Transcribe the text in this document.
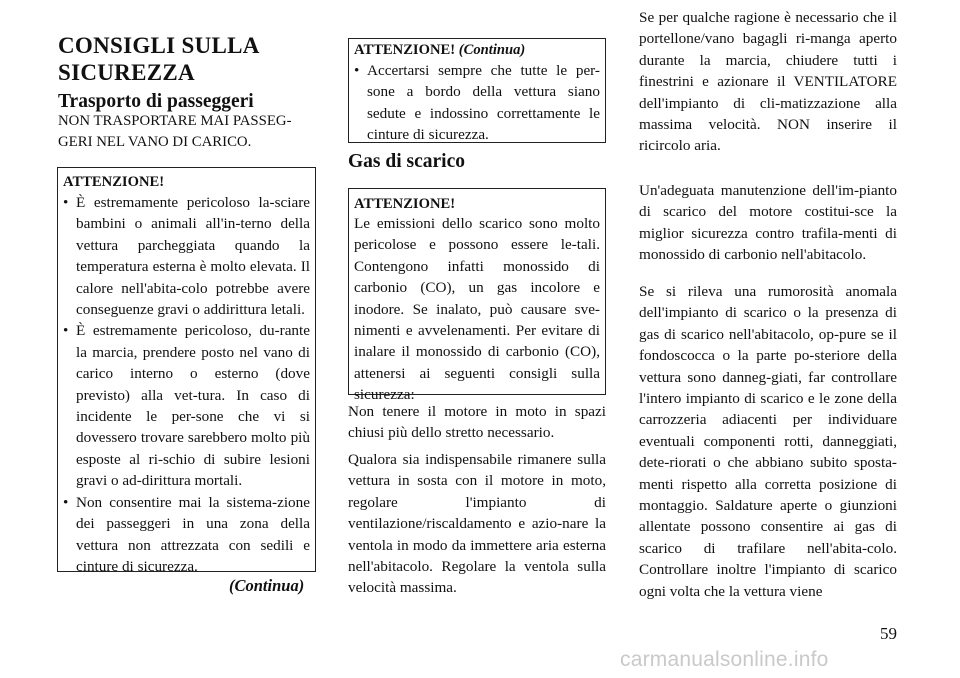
CONSIGLI SULLA
SICUREZZA
Trasporto di passeggeri

NON TRASPORTARE MAI PASSEG-GERI NEL VANO DI CARICO.

ATTENZIONE!
• È estremamente pericoloso la-sciare bambini o animali all'in-terno della vettura parcheggiata quando la temperatura esterna è molto elevata. Il calore nell'abita-colo potrebbe avere conseguenze gravi o addirittura letali.
• È estremamente pericoloso, du-rante la marcia, prendere posto nel vano di carico interno o esterno (dove previsto) alla vet-tura. In caso di incidente le per-sone che vi si dovessero trovare sarebbero molto più esposte al ri-schio di subire lesioni gravi o ad-dirittura mortali.
• Non consentire mai la sistema-zione dei passeggeri in una zona della vettura non attrezzata con sedili e cinture di sicurezza.
(Continua)
ATTENZIONE! (Continua)
• Accertarsi sempre che tutte le per-sone a bordo della vettura siano sedute e indossino correttamente le cinture di sicurezza.
Gas di scarico
ATTENZIONE!
Le emissioni dello scarico sono molto pericolose e possono essere le-tali. Contengono infatti monossido di carbonio (CO), un gas incolore e inodore. Se inalato, può causare sve-nimenti e avvelenamenti. Per evitare di inalare il monossido di carbonio (CO), attenersi ai seguenti consigli sulla sicurezza:

Non tenere il motore in moto in spazi chiusi più dello stretto necessario.

Qualora sia indispensabile rimanere sulla vettura in sosta con il motore in moto, regolare l'impianto di ventilazione/riscaldamento e azio-nare la ventola in modo da immettere aria esterna nell'abitacolo. Regolare la ventola sulla velocità massima.

Se per qualche ragione è necessario che il portellone/vano bagagli ri-manga aperto durante la marcia, chiudere tutti i finestrini e azionare il VENTILATORE dell'impianto di cli-matizzazione alla massima velocità. NON inserire il ricircolo aria.

Un'adeguata manutenzione dell'im-pianto di scarico del motore costitui-sce la miglior sicurezza contro trafila-menti di monossido di carbonio nell'abitacolo.

Se si rileva una rumorosità anomala dell'impianto di scarico o la presenza di gas di scarico nell'abitacolo, op-pure se il fondoscocca o la parte po-steriore della vettura sono danneg-giati, far controllare l'intero impianto di scarico e le zone della carrozzeria adiacenti per individuare eventuali componenti rotti, danneggiati, dete-riorati o che abbiano subito sposta-menti rispetto alla corretta posizione di montaggio. Saldature aperte o giunzioni allentate possono consentire ai gas di scarico di trafilare nell'abita-colo. Controllare inoltre l'impianto di scarico ogni volta che la vettura viene

59
carmanualsonline.info
